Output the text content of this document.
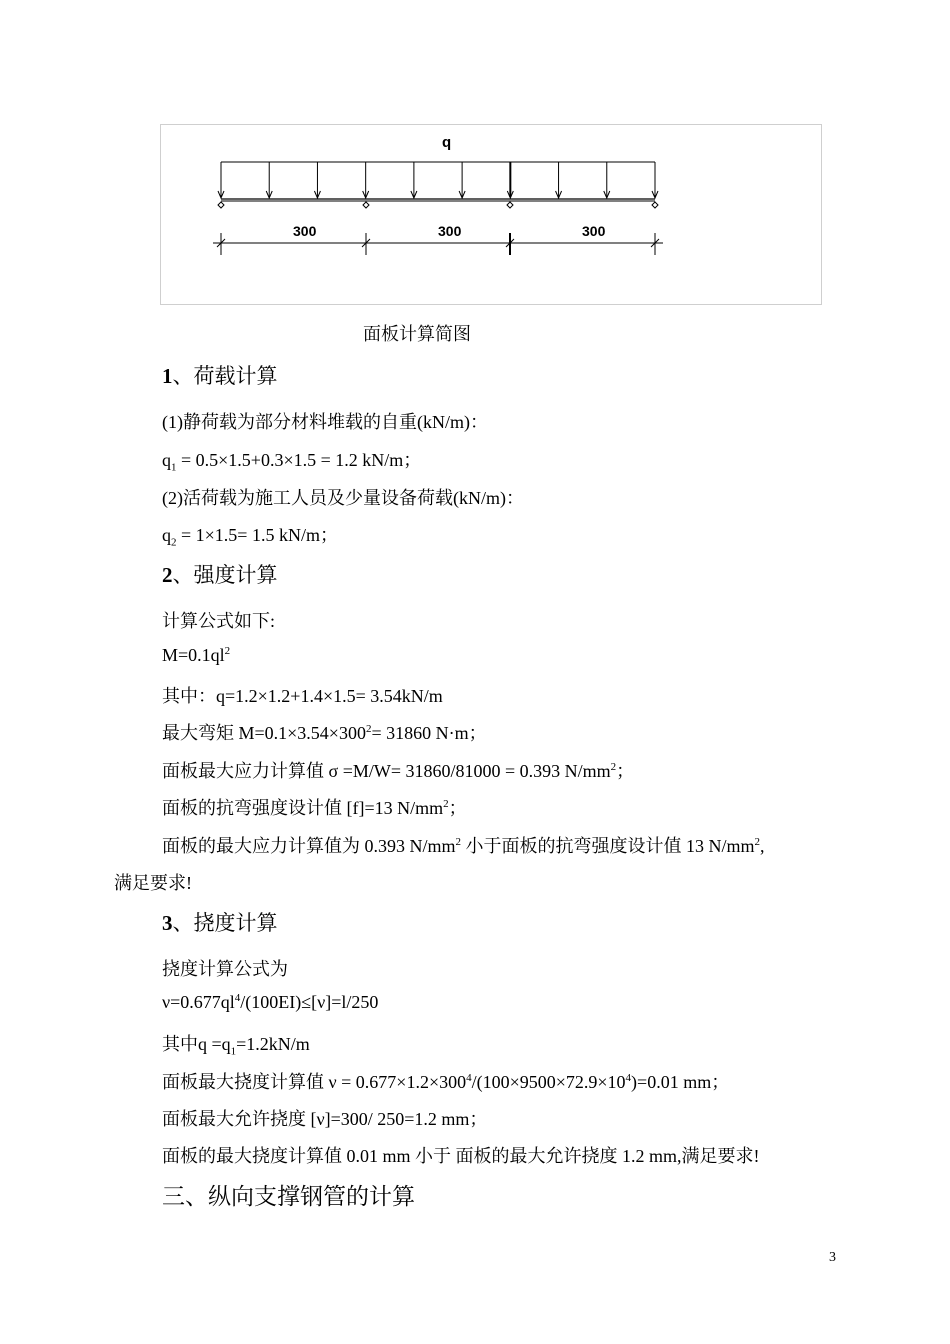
q
300	300	300
面板计算简图
1、荷载计算
(1)静荷载为部分材料堆载的自重(kN/m)：
$q_1 = 0.5\times 1.5+0.3\times 1.5 = 1.2$ kN/m；
(2)活荷载为施工人员及少量设备荷载(kN/m)：
$q_2 = 1\times 1.5= 1.5$ kN/m；
2、强度计算
计算公式如下:
$M=0.1ql^2$
其中：q=1.2×1.2+1.4×1.5= 3.54kN/m
最大弯矩 $M=0.1\times 3.54\times 300^2= 31860$ N·m；
面板最大应力计算值 σ =M/W= 31860/81000 = 0.393 $N/mm^2$；
面板的抗弯强度设计值 [f]=13 $N/mm^2$；
面板的最大应力计算值为 0.393 $N/mm^2$ 小于面板的抗弯强度设计值 13 $N/mm^2$,
满足要求!
3、挠度计算
挠度计算公式为
$\nu=0.677ql^4/(100EI)\le[\nu]=l/250$
其中$q =q_1=1.2kN/m$
面板最大挠度计算值 $\nu = 0.677\times 1.2\times 300^4/(100\times 9500\times 72.9\times 10^4)=0.01$ mm；
面板最大允许挠度 [ν]=300/ 250=1.2 mm；
面板的最大挠度计算值 0.01 mm 小于 面板的最大允许挠度 1.2 mm,满足要求!
三、纵向支撑钢管的计算
3
